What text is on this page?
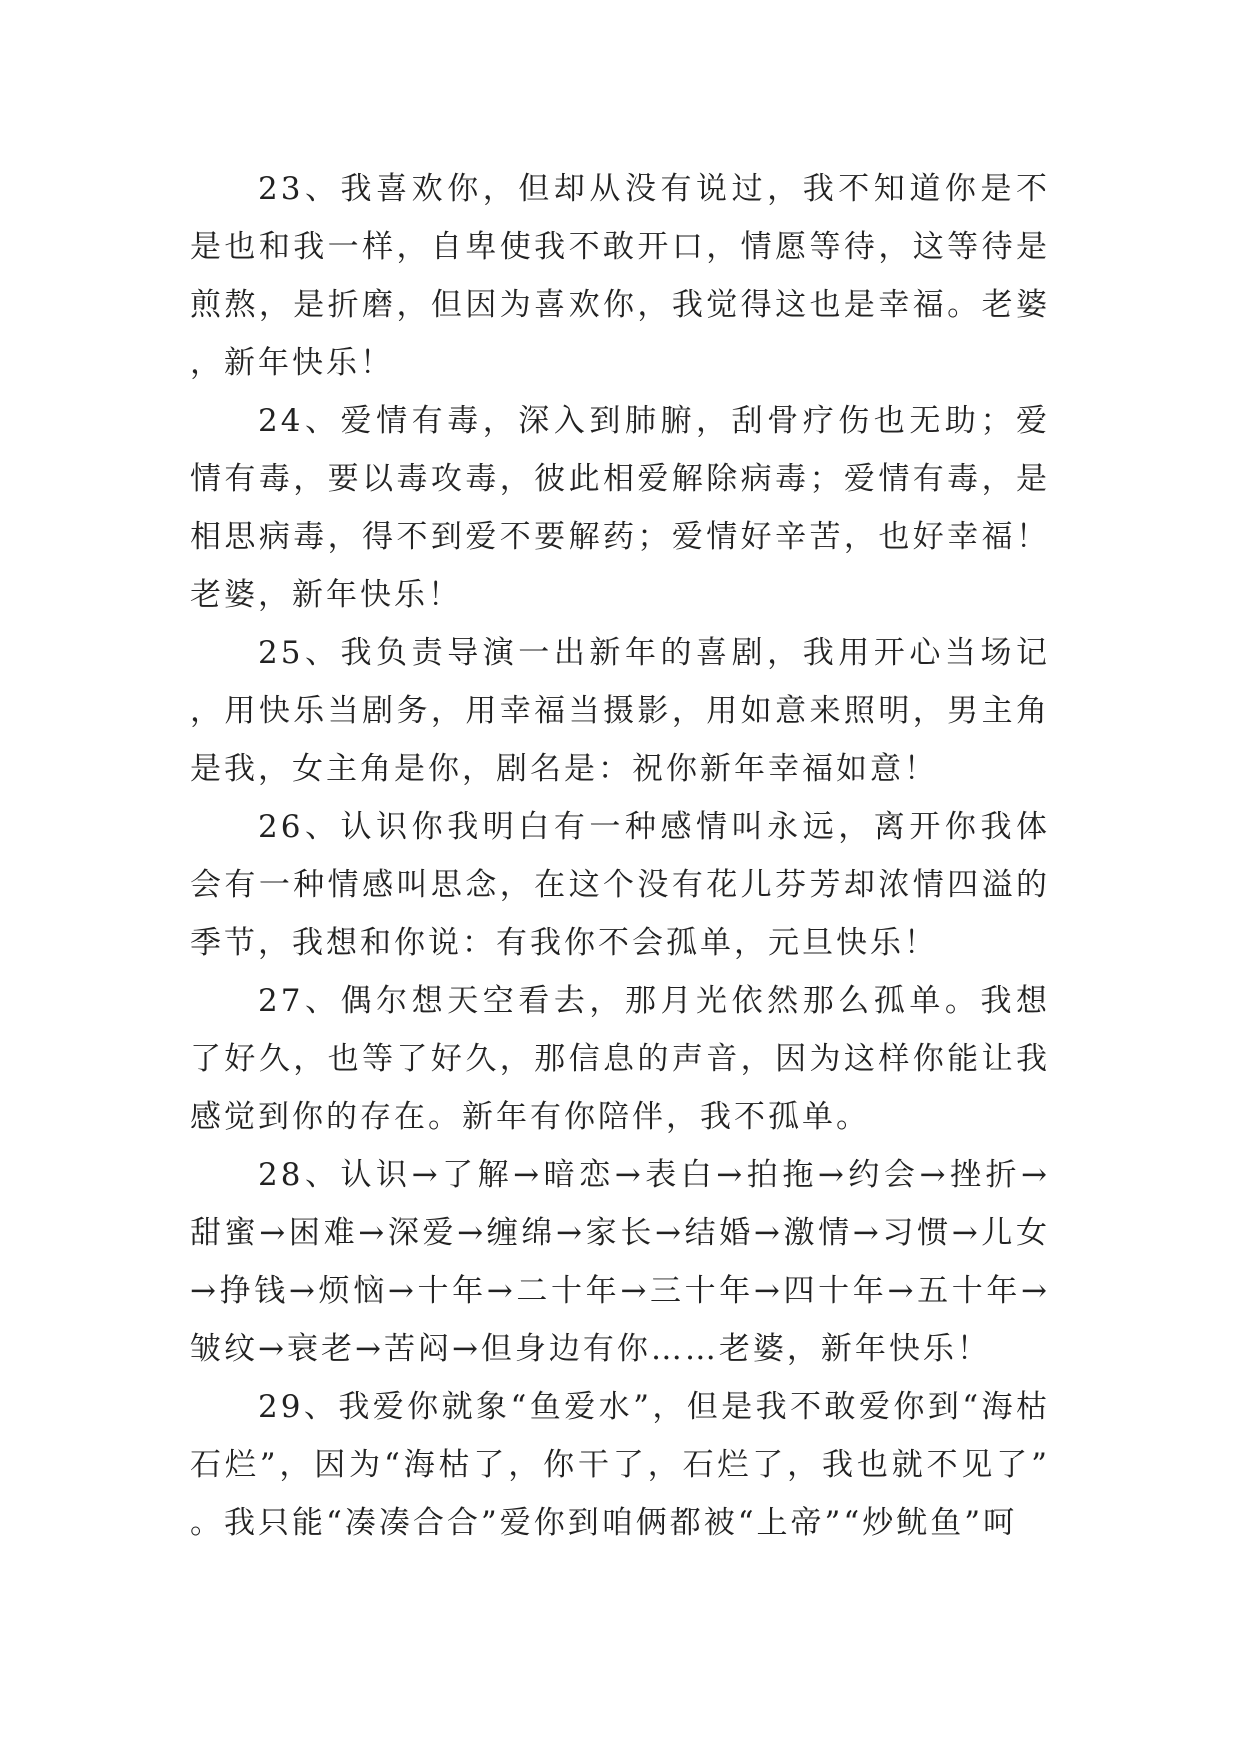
23、我喜欢你，但却从没有说过，我不知道你是不是也和我一样，自卑使我不敢开口，情愿等待，这等待是煎熬，是折磨，但因为喜欢你，我觉得这也是幸福。老婆，新年快乐！

24、爱情有毒，深入到肺腑，刮骨疗伤也无助；爱情有毒，要以毒攻毒，彼此相爱解除病毒；爱情有毒，是相思病毒，得不到爱不要解药；爱情好辛苦，也好幸福！老婆，新年快乐！

25、我负责导演一出新年的喜剧，我用开心当场记，用快乐当剧务，用幸福当摄影，用如意来照明，男主角是我，女主角是你，剧名是：祝你新年幸福如意！

26、认识你我明白有一种感情叫永远，离开你我体会有一种情感叫思念，在这个没有花儿芬芳却浓情四溢的季节，我想和你说：有我你不会孤单，元旦快乐！

27、偶尔想天空看去，那月光依然那么孤单。我想了好久，也等了好久，那信息的声音，因为这样你能让我感觉到你的存在。新年有你陪伴，我不孤单。

28、认识→了解→暗恋→表白→拍拖→约会→挫折→甜蜜→困难→深爱→缠绵→家长→结婚→激情→习惯→儿女→挣钱→烦恼→十年→二十年→三十年→四十年→五十年→皱纹→衰老→苦闷→但身边有你……老婆，新年快乐！

29、我爱你就象“鱼爱水”，但是我不敢爱你到“海枯石烂”，因为“海枯了，你干了，石烂了，我也就不见了”。我只能“凑凑合合”爱你到咱俩都被“上帝”“炒鱿鱼”呵
